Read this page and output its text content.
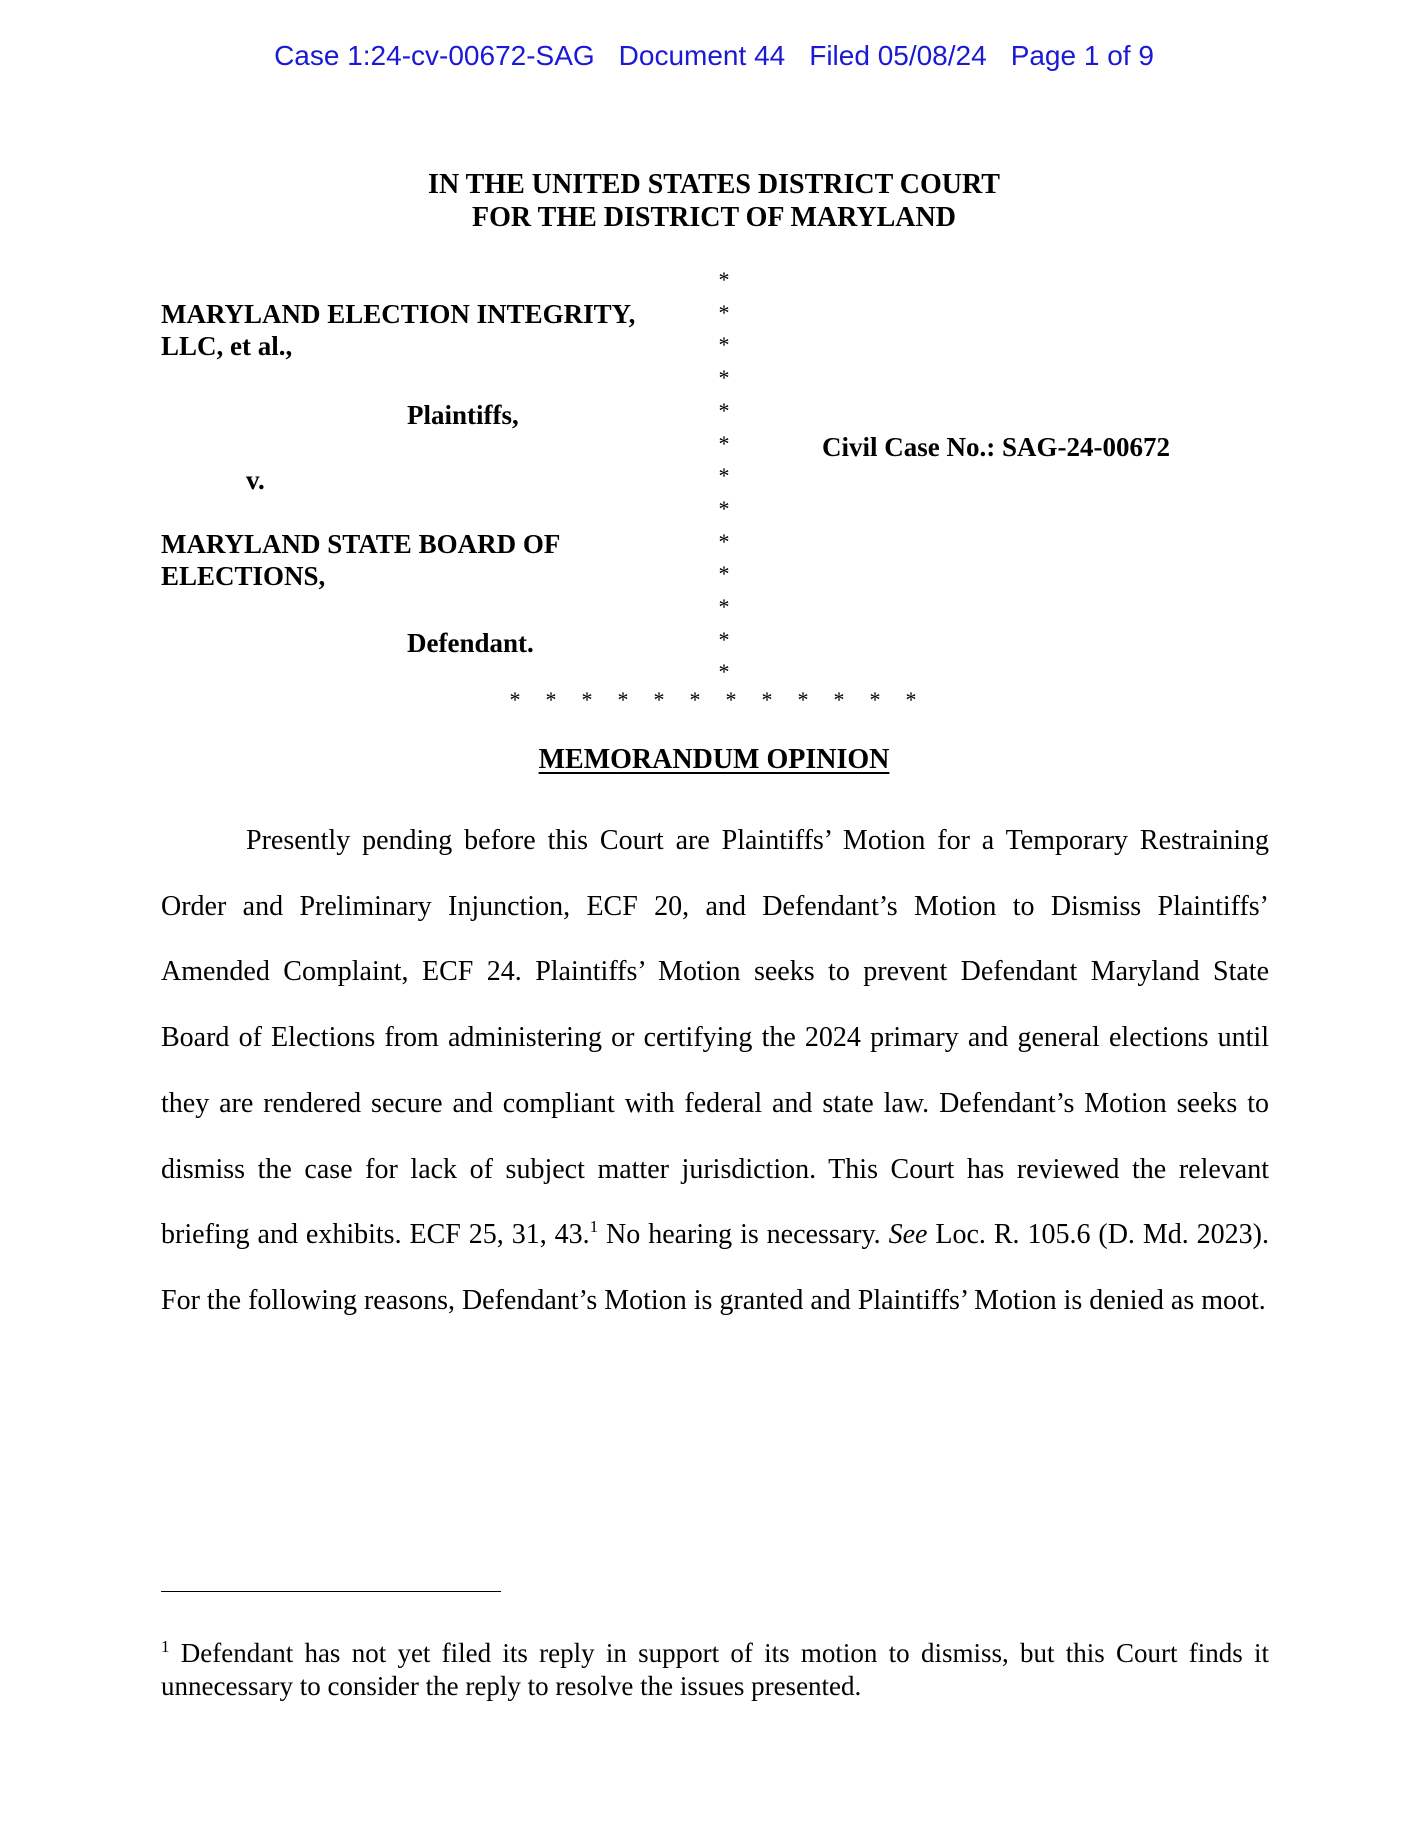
Case 1:24-cv-00672-SAG Document 44 Filed 05/08/24 Page 1 of 9
IN THE UNITED STATES DISTRICT COURT
FOR THE DISTRICT OF MARYLAND
MARYLAND ELECTION INTEGRITY,
LLC, et al.,
Plaintiffs,
v.
MARYLAND STATE BOARD OF
ELECTIONS,
Defendant.
Civil Case No.: SAG-24-00672
*
*
*
*
*
*
*
*
*
*
*
*
*
*	*	*	*	*	*	*	*	*	*	*	*
MEMORANDUM OPINION

Presently pending before this Court are Plaintiffs’ Motion for a Temporary Restraining Order and Preliminary Injunction, ECF 20, and Defendant’s Motion to Dismiss Plaintiffs’ Amended Complaint, ECF 24. Plaintiffs’ Motion seeks to prevent Defendant Maryland State Board of Elections from administering or certifying the 2024 primary and general elections until they are rendered secure and compliant with federal and state law. Defendant’s Motion seeks to dismiss the case for lack of subject matter jurisdiction. This Court has reviewed the relevant briefing and exhibits. ECF 25, 31, 43.$^1$ No hearing is necessary. See Loc. R. 105.6 (D. Md. 2023). For the following reasons, Defendant’s Motion is granted and Plaintiffs’ Motion is denied as moot.

$^1$ Defendant has not yet filed its reply in support of its motion to dismiss, but this Court finds it unnecessary to consider the reply to resolve the issues presented.
